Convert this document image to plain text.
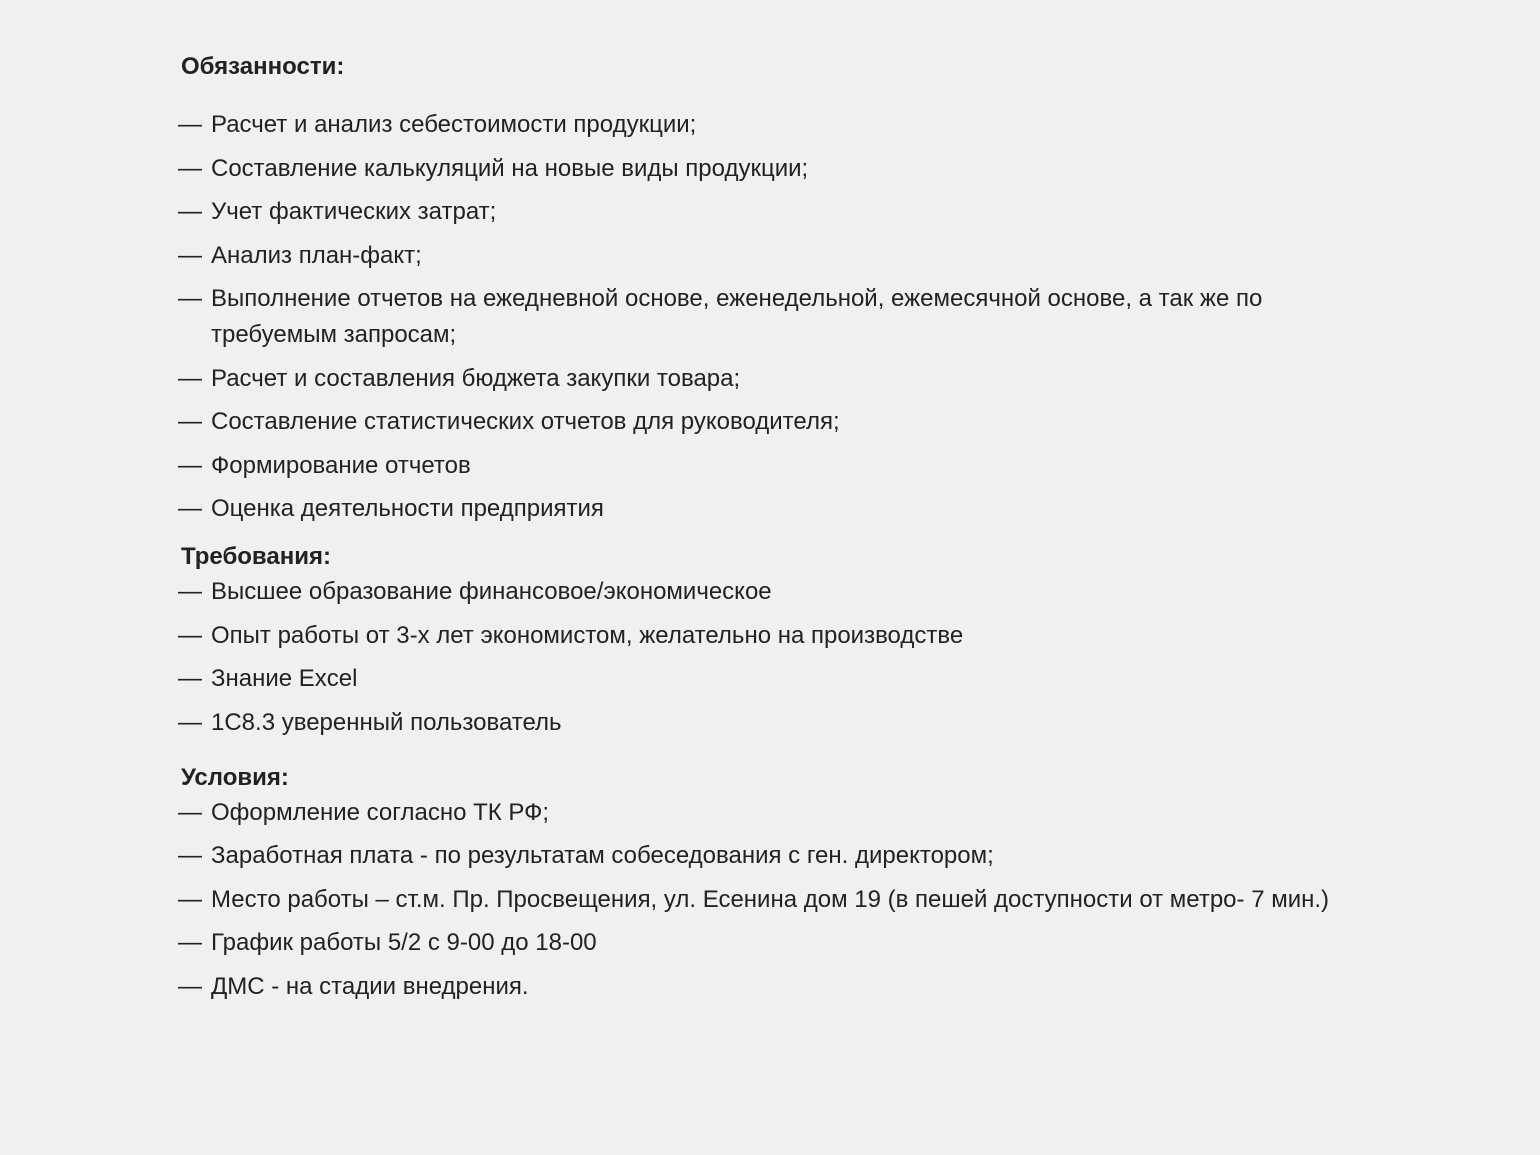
Обязанности:

— Расчет и анализ себестоимости продукции;
— Составление калькуляций на новые виды продукции;
— Учет фактических затрат;
— Анализ план-факт;
— Выполнение отчетов на ежедневной основе, еженедельной, ежемесячной основе, а так же по требуемым запросам;
— Расчет и составления бюджета закупки товара;
— Составление статистических отчетов для руководителя;
— Формирование отчетов
— Оценка деятельности предприятия

Требования:

— Высшее образование финансовое/экономическое
— Опыт работы от 3-х лет экономистом, желательно на производстве
— Знание Excel
— 1С8.3 уверенный пользователь

Условия:

— Оформление согласно ТК РФ;
— Заработная плата - по результатам собеседования с ген. директором;
— Место работы – ст.м. Пр. Просвещения, ул. Есенина дом 19 (в пешей доступности от метро- 7 мин.)
— График работы 5/2 с 9-00 до 18-00
— ДМС - на стадии внедрения.
